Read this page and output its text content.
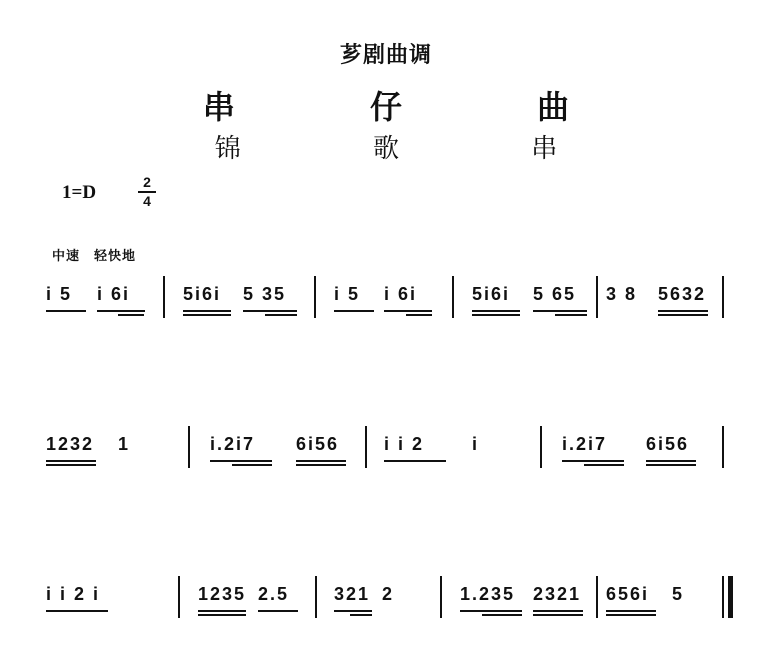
芗剧曲调
串 仔 曲
锦 歌 串
1=D	2
4
中速 轻快地
i 5 i 6i	5i6i 5 35	i 5 i 6i	5i6i 5 65 3 8 5632
1232 1	i.2i7 6i56 i i 2	i	i.2i7 6i56
i i 2 i	1235 2.5 321 2	1.235 2321 656i 5
